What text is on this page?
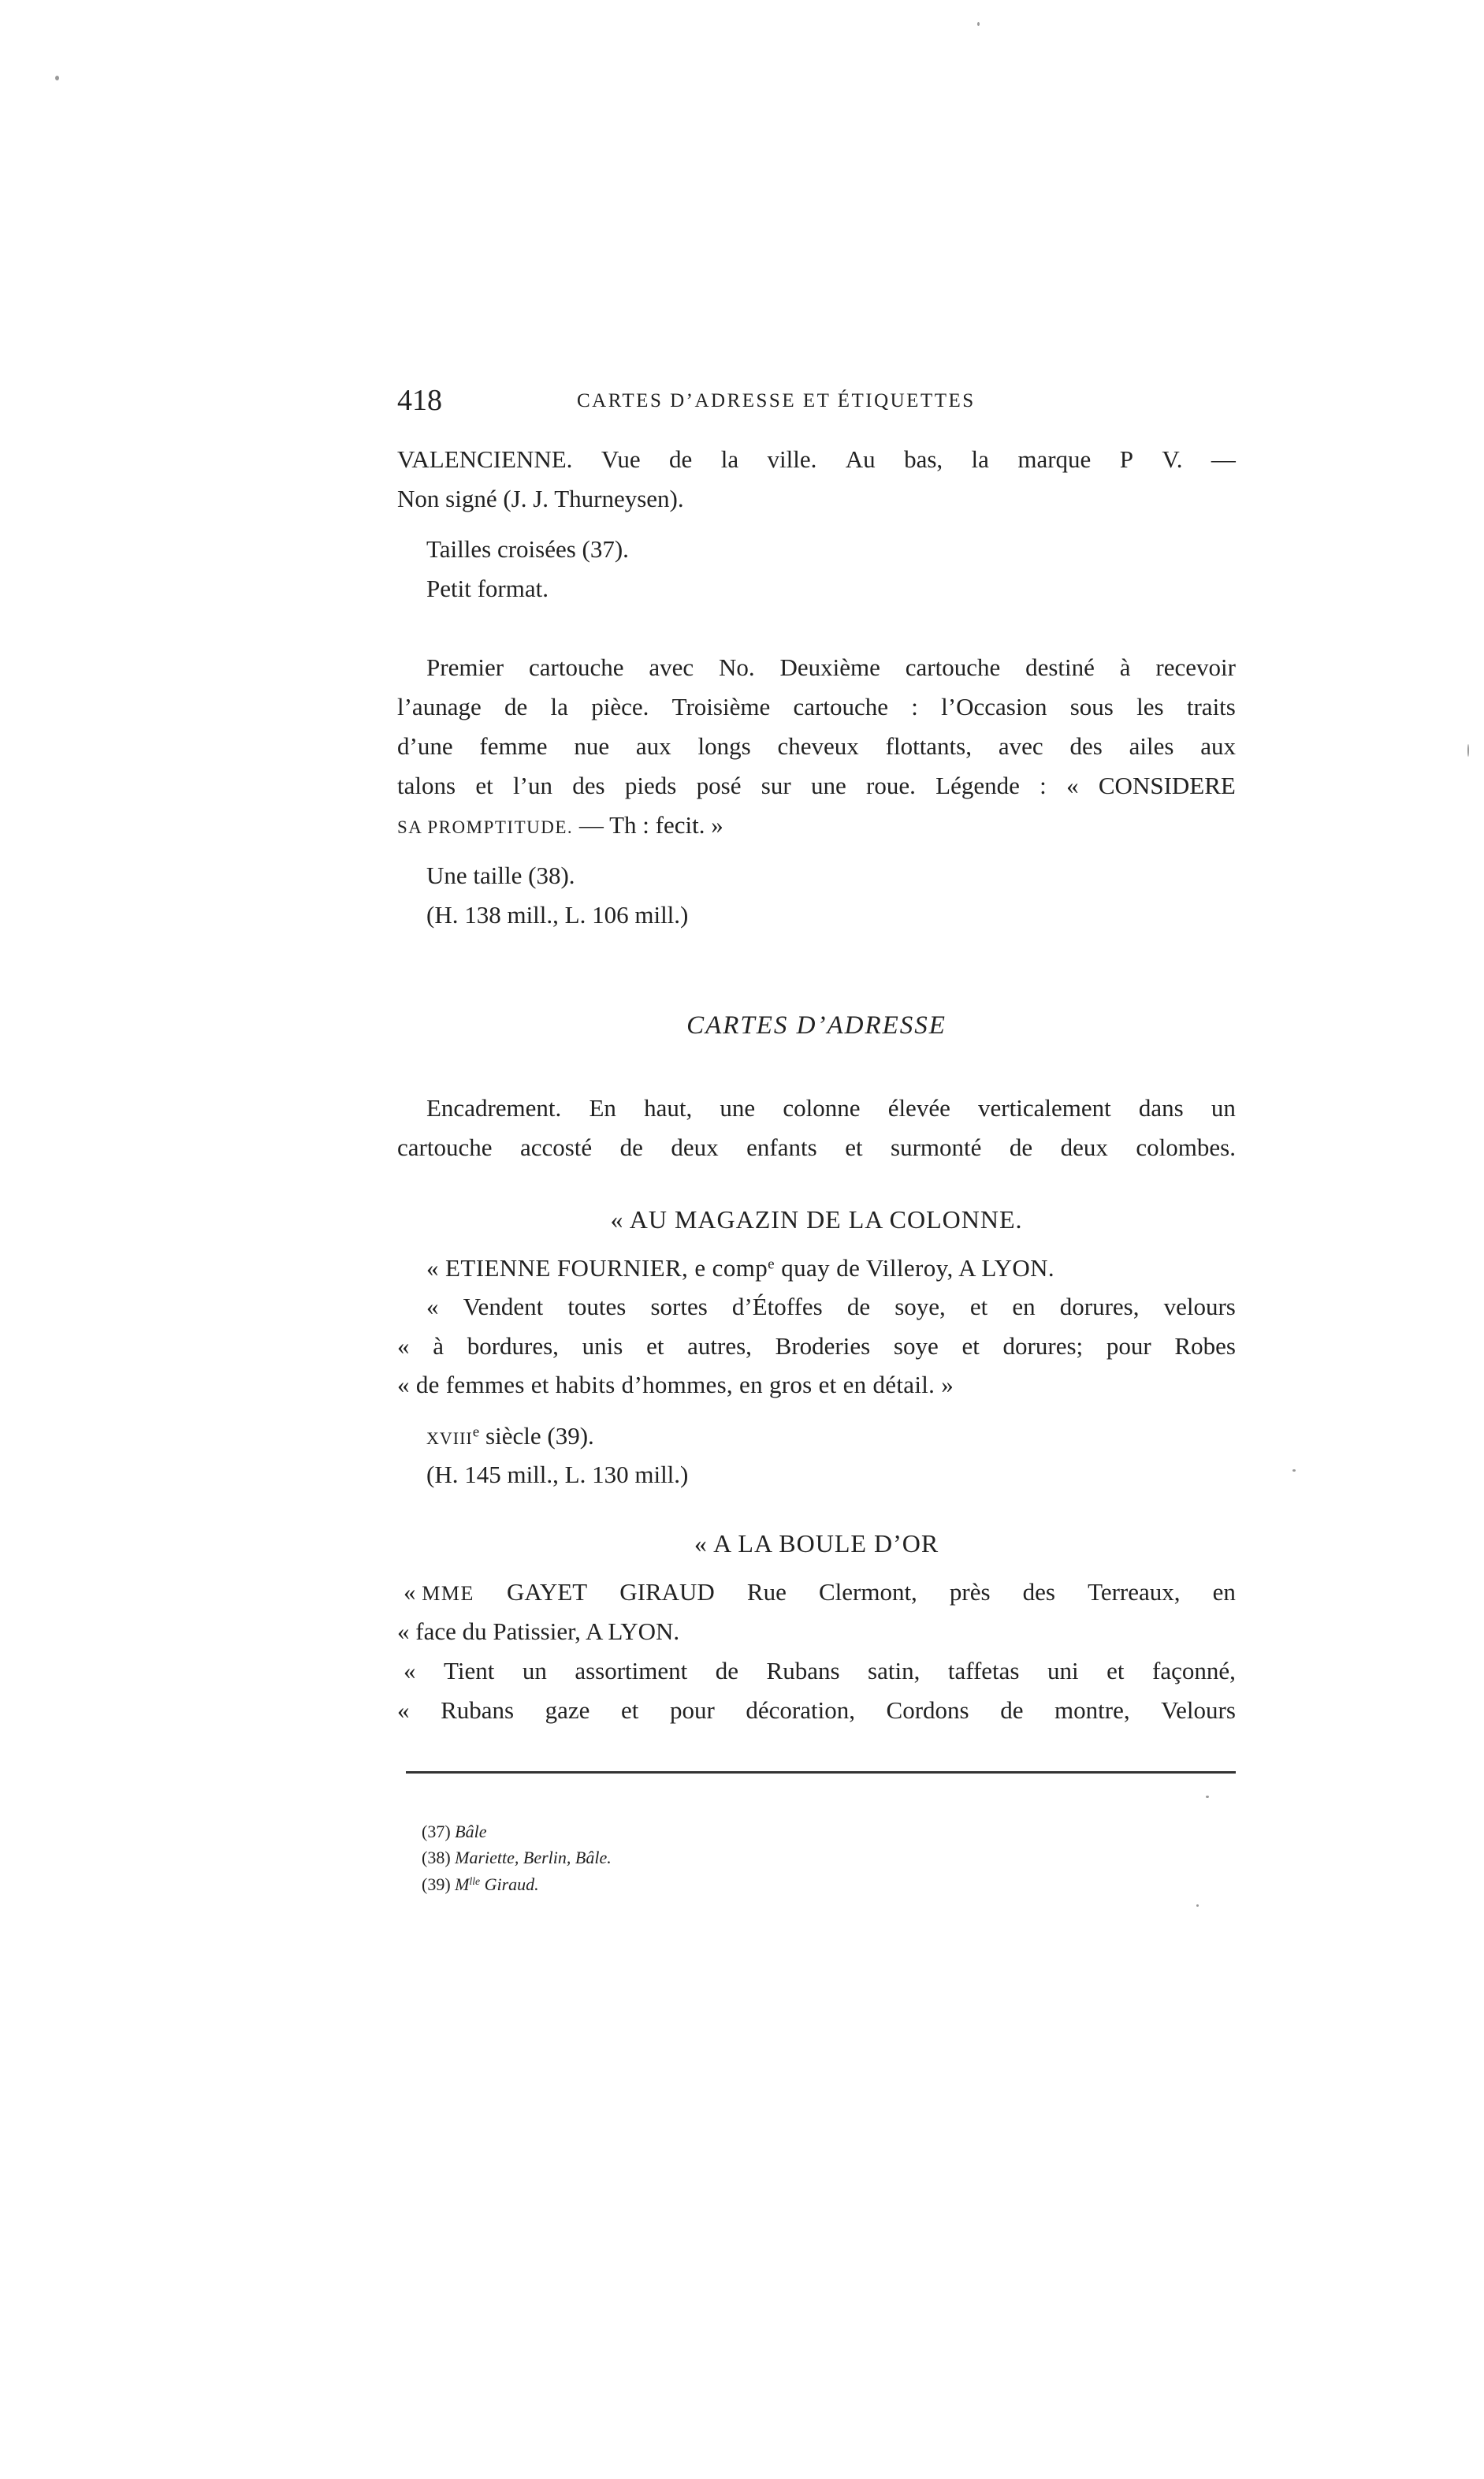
418	CARTES D’ADRESSE ET ÉTIQUETTES
VALENCIENNE. Vue de la ville. Au bas, la marque P V. —
Non signé (J. J. Thurneysen).
Tailles croisées (37).
Petit format.
Premier cartouche avec No. Deuxième cartouche destiné à recevoir
l’aunage de la pièce. Troisième cartouche : l’Occasion sous les traits
d’une femme nue aux longs cheveux flottants, avec des ailes aux
talons et l’un des pieds posé sur une roue. Légende : « CONSIDERE
SA PROMPTITUDE. — Th : fecit. »
Une taille (38).
(H. 138 mill., L. 106 mill.)
CARTES D’ADRESSE
Encadrement. En haut, une colonne élevée verticalement dans un
cartouche accosté de deux enfants et surmonté de deux colombes.
« AU MAGAZIN DE LA COLONNE.
« ETIENNE FOURNIER, e comp$^e$ quay de Villeroy, A LYON.
« Vendent toutes sortes d’Étoffes de soye, et en dorures, velours
« à bordures, unis et autres, Broderies soye et dorures; pour Robes
« de femmes et habits d’hommes, en gros et en détail. »
xviii$^e$ siècle (39).
(H. 145 mill., L. 130 mill.)
« A LA BOULE D’OR
« MME GAYET GIRAUD Rue Clermont, près des Terreaux, en
« face du Patissier, A LYON.
« Tient un assortiment de Rubans satin, taffetas uni et façonné,
« Rubans gaze et pour décoration, Cordons de montre, Velours
(37) Bâle
(38) Mariette, Berlin, Bâle.
(39) $M^{lle}$ Giraud.
